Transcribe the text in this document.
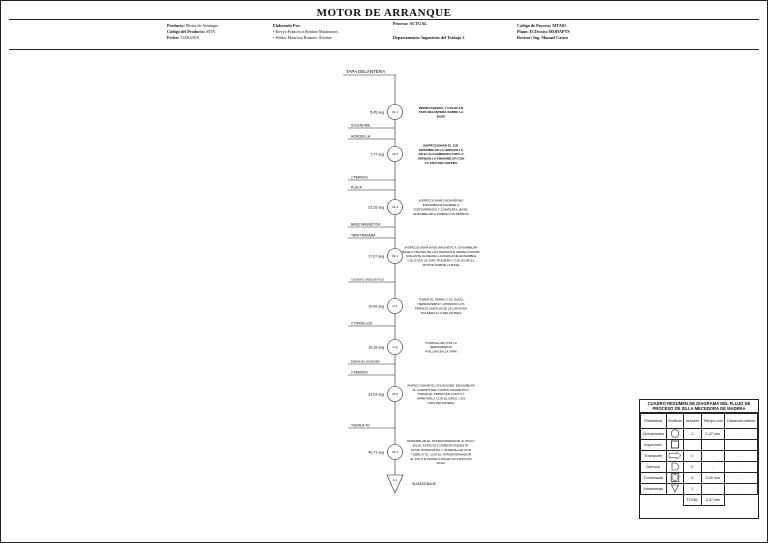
MOTOR DE ARRANQUE
Producto: Motor de Arranque
Código del Producto: MTA
Fecha: 11/06/2019
Elaborado Por:
• Kevyn Francisco Benitez Matamoros
• Walter Mauricio Romero Álvarez
Proceso: ACTUAL
Departamento: Ingeniería del Trabajo 2
Código de Proceso: MTA01
Plano: D.Técnico MODAPTS
Revisor: Ing. Manuel Castro
TAPA DELANTERA
OI-1
5,45 seg
INSPECCIONAR, Y COLOCAR
TAPA DELANTERA SOBRE LA
BASE
OI-2
7,77 seg
INSPECCIONAR EL EJE
ENSAMBLAR LA HORQUILLA
EN EL ALOJAMIENTO CON LA
HORQUILLA ENSAMBLAR CON
LA TAPA DELANTERA
OI-3
23,25 seg
INSPECCIONAR CADA PERNO
ENSAMBLAR ARANDELA
PORTAPERNOS Y COMPLETA, BASE,
ENSAMBLARLA SOBRE LOS PERNOS
OI-4
17,07 seg
INSPECCIONAR BASE MAGNÉTICA, ENSAMBLAR
BASE A TRAVÉS DE LOS PERNOS E INSPECCIONAR
QUE ESTE ALINEADA LA MARCA DE ENSAMBLE
COLOCAR LA TAPA TRASERA Y COLOCAR EL
MOTOR SOBRE LA BASE
O-1
10,06 seg
TOMAR EL PERNO Y EL DADO,
HERRAMIENTA Y APRETAR LOS
PERNOS LARGOS DE LA CARCASA
TRASERA A LA DELANTERA
O-2
16,18 seg
ATORNILLAR CON LA
HERRAMIENTA
PHILLIPS EN LA TAPA
OI-5
33,03 seg
INSPECCIONAR EL SOLENOIDE, ENSAMBLAR
AL CUERPO DEL CAMPO MAGNÉTICO,
TOMAR EL PERNO EN CORTO Y
APRETARLO CON EL DADO, LOS
TAPA DELANTERA
OI-6
40,71 seg
ENSAMBLAR EL TRANSFORMADOR AL POLO,
EN EL ESPACIO CORRESPONDIENTE,
OLMO HORIZONTAL Y ATORNILLAR CON
TUERCA TO. CON EL TRANSFORMADOR
EL POLO E INSPECCIONAR SU POSICIÓN
FINAL
SOLENOIDE
HORQUILLA
2 PERNOS
PLACA
BASE MAGNÉTICA
TAPA TRASERA
CONJUNTO CABLE DE POLO
2 TORNILLOS
BOBINA DEL SOLENOIDE
2 PERNOS
TUERCA TO
A-1
ALMACENAJE
CUADRO RESUMEN DE DIAGRAMA DEL FLUJO DE PROCESO DE SILLA MECEDORA DE MADERA
Elementos	Símbolo	Número	Tiempo min	Distancia metros
Operaciones		2	1,47 min	-
Inspección				
Transporte		0	-	-
Demora		0	-	-
Combinada		6	3,00 min	-
Almacenaje		1	-	-
		TOTAL	3,07 min	
